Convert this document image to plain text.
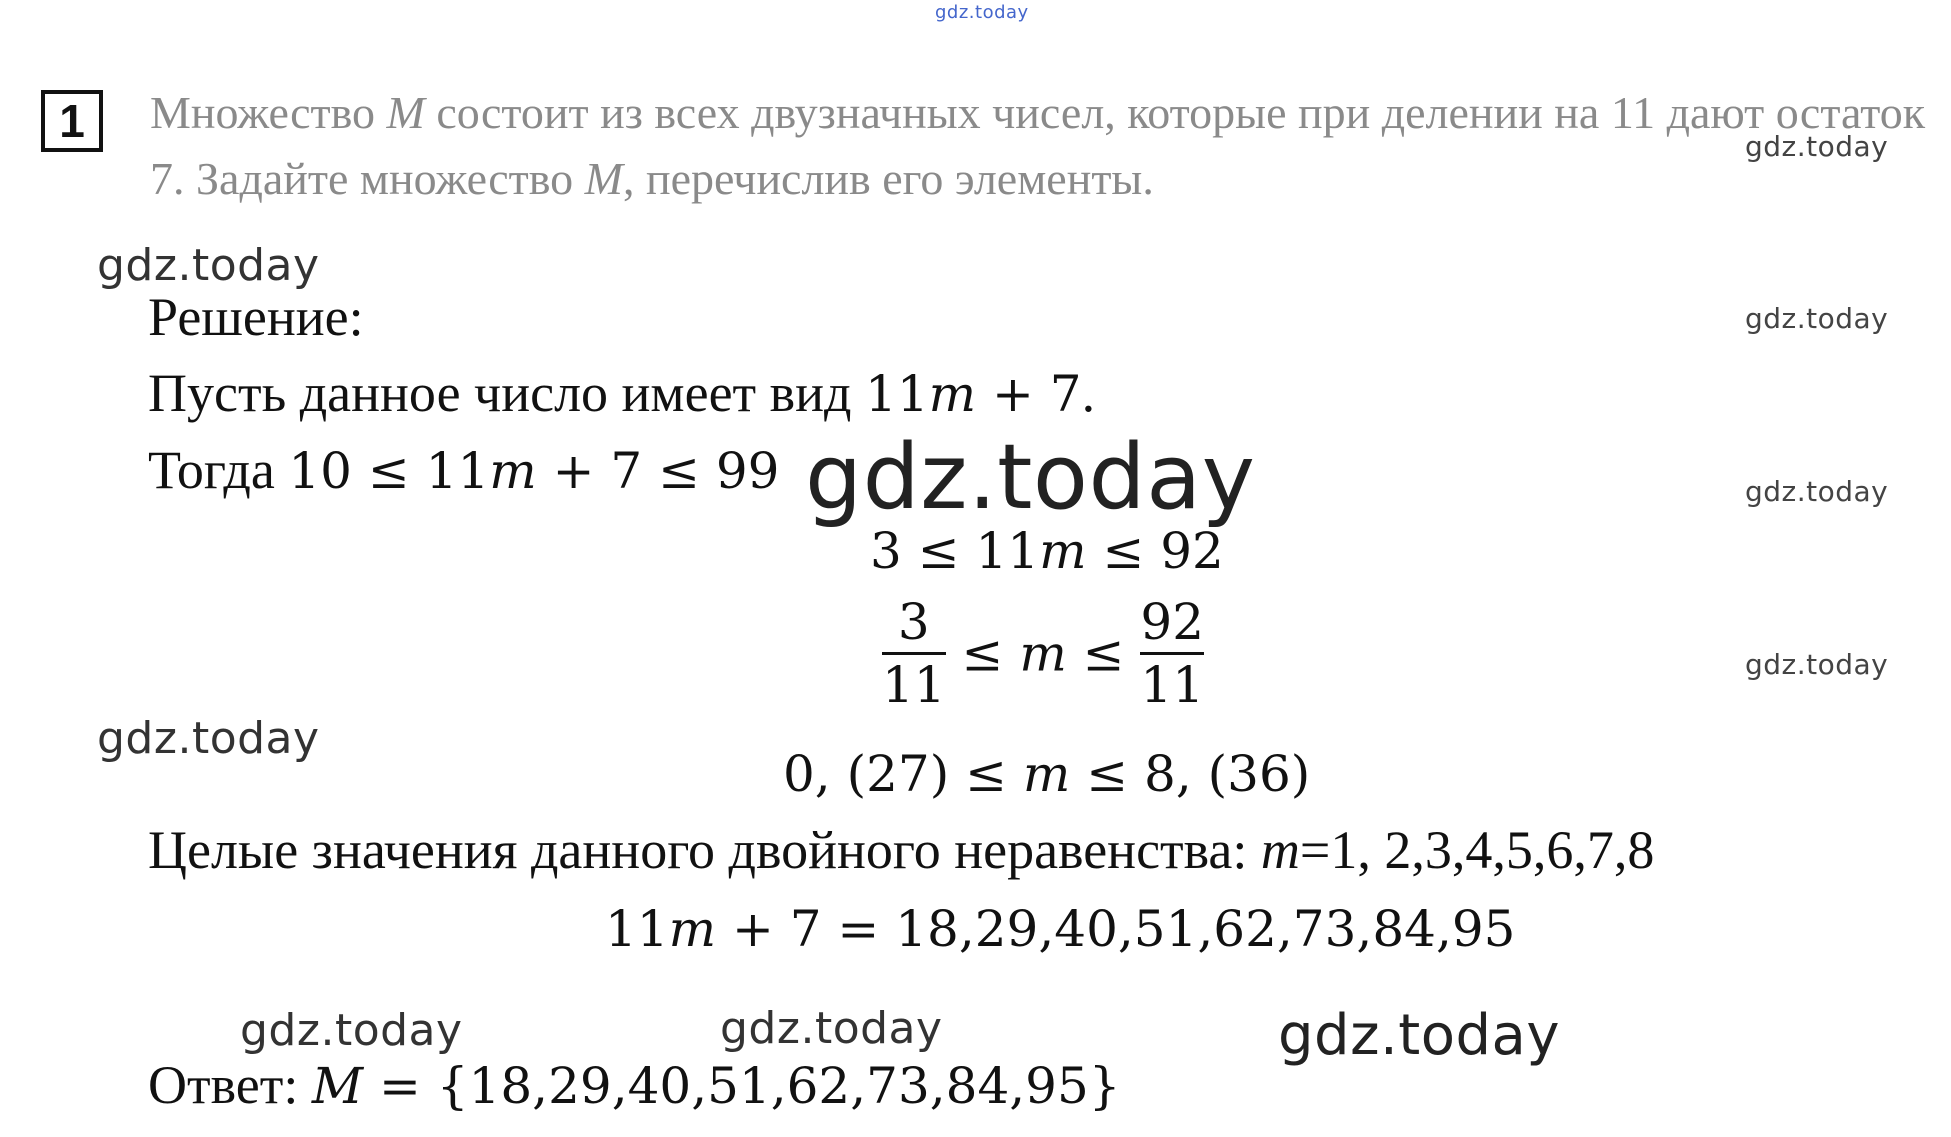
gdz.today
gdz.today
gdz.today
gdz.today
gdz.today
gdz.today
gdz.today
gdz.today
gdz.today	gdz.today	gdz.today
1	Множество M состоит из всех двузначных чисел, которые при делении на 11 дают остаток 7. Задайте множество M, перечислив его элементы.
Решение:
Пусть данное число имеет вид 11m + 7.
Тогда 10 ≤ 11m + 7 ≤ 99
3 ≤ 11m ≤ 92
$\frac{3}{11} \le m \le \frac{92}{11}$
0, (27) ≤ m ≤ 8, (36)
Целые значения данного двойного неравенства: m=1, 2,3,4,5,6,7,8
11m + 7 = 18,29,40,51,62,73,84,95
Ответ: M = {18,29,40,51,62,73,84,95}
